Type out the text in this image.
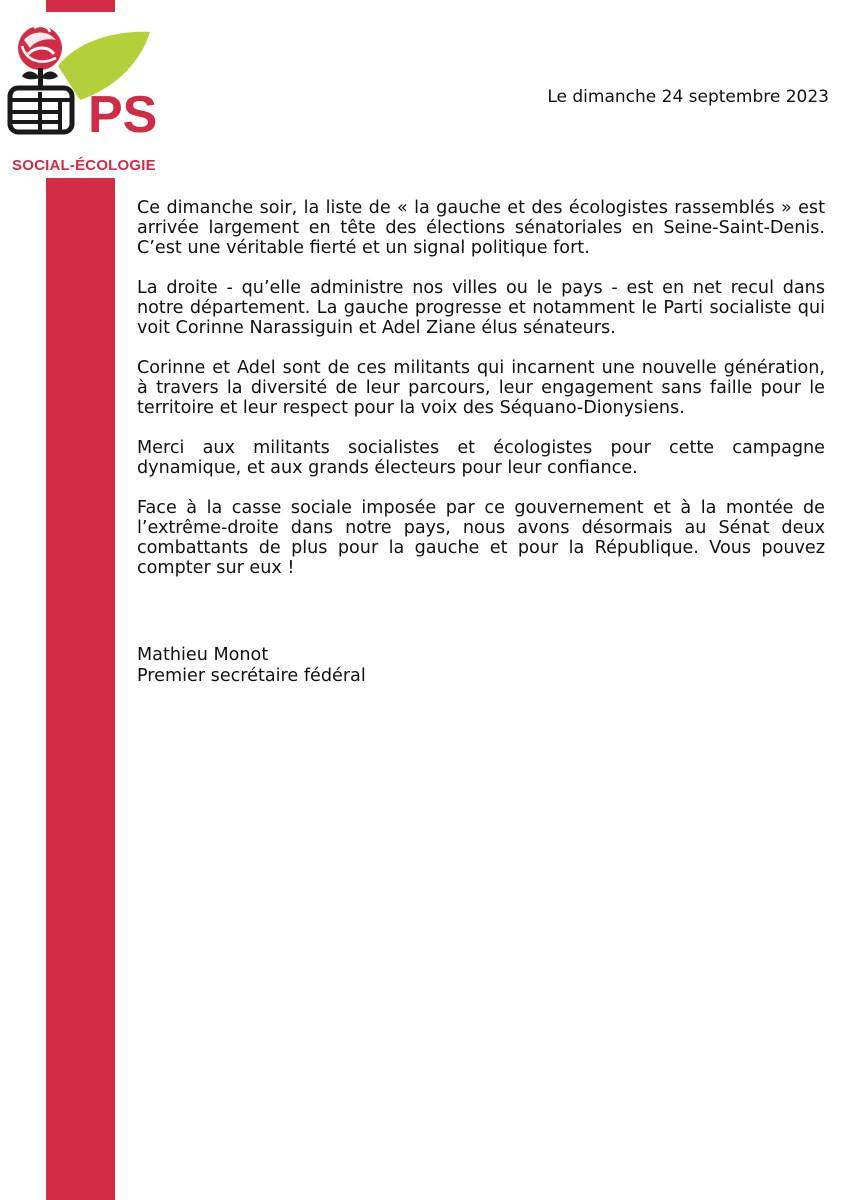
PS
SOCIAL-ÉCOLOGIE
Le dimanche 24 septembre 2023

Ce dimanche soir, la liste de « la gauche et des écologistes rassemblés » est arrivée largement en tête des élections sénatoriales en Seine-Saint-Denis. C’est une véritable fierté et un signal politique fort.

La droite - qu’elle administre nos villes ou le pays - est en net recul dans notre département. La gauche progresse et notamment le Parti socialiste qui voit Corinne Narassiguin et Adel Ziane élus sénateurs.

Corinne et Adel sont de ces militants qui incarnent une nouvelle génération, à travers la diversité de leur parcours, leur engagement sans faille pour le territoire et leur respect pour la voix des Séquano-Dionysiens.

Merci aux militants socialistes et écologistes pour cette campagne dynamique, et aux grands électeurs pour leur confiance.

Face à la casse sociale imposée par ce gouvernement et à la montée de l’extrême-droite dans notre pays, nous avons désormais au Sénat deux combattants de plus pour la gauche et pour la République. Vous pouvez compter sur eux !

Mathieu Monot
Premier secrétaire fédéral
